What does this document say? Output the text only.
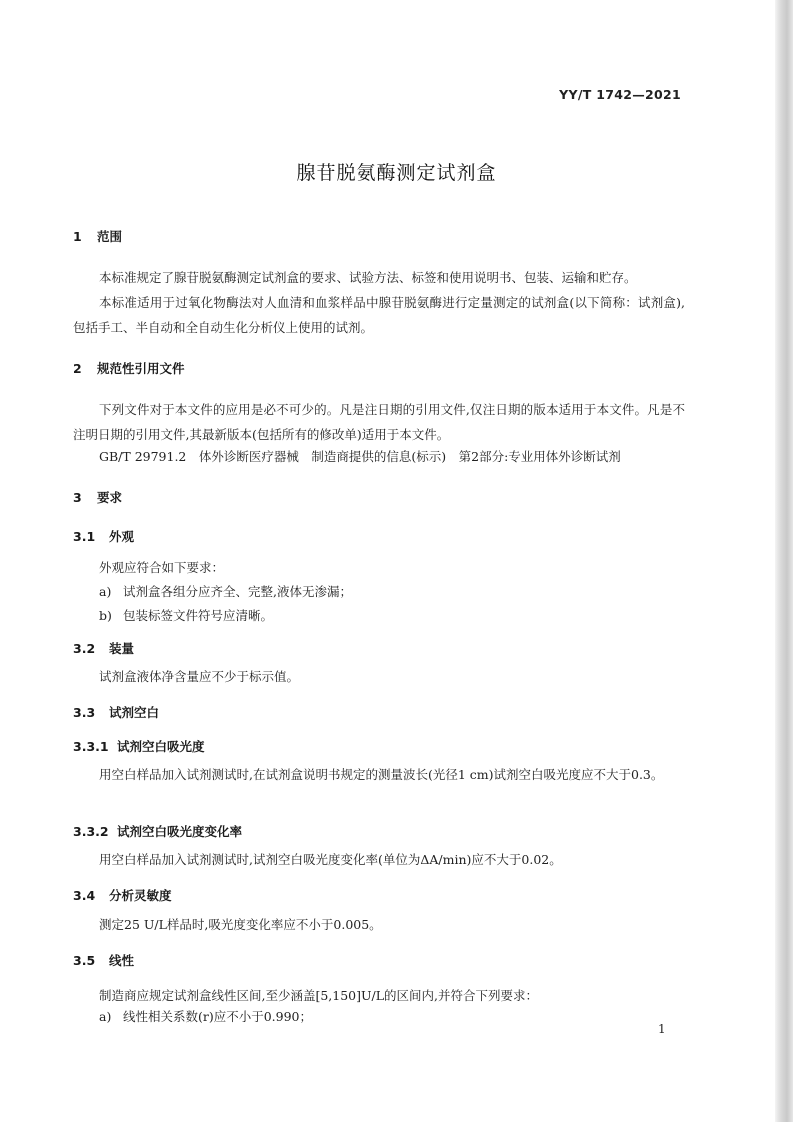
YY/T 1742—2021
腺苷脱氨酶测定试剂盒
1 范围
本标准规定了腺苷脱氨酶测定试剂盒的要求、试验方法、标签和使用说明书、包装、运输和贮存。
本标准适用于过氧化物酶法对人血清和血浆样品中腺苷脱氨酶进行定量测定的试剂盒(以下简称：试剂盒),包括手工、半自动和全自动生化分析仪上使用的试剂。
2 规范性引用文件
下列文件对于本文件的应用是必不可少的。凡是注日期的引用文件,仅注日期的版本适用于本文件。凡是不注明日期的引用文件,其最新版本(包括所有的修改单)适用于本文件。
GB/T 29791.2　体外诊断医疗器械　制造商提供的信息(标示)　第2部分:专业用体外诊断试剂
3 要求
3.1 外观
外观应符合如下要求：
a) 试剂盒各组分应齐全、完整,液体无渗漏；
b) 包装标签文件符号应清晰。
3.2 装量
试剂盒液体净含量应不少于标示值。
3.3 试剂空白
3.3.1 试剂空白吸光度
用空白样品加入试剂测试时,在试剂盒说明书规定的测量波长(光径1 cm)试剂空白吸光度应不大于0.3。
3.3.2 试剂空白吸光度变化率
用空白样品加入试剂测试时,试剂空白吸光度变化率(单位为ΔA/min)应不大于0.02。
3.4 分析灵敏度
测定25 U/L样品时,吸光度变化率应不小于0.005。
3.5 线性
制造商应规定试剂盒线性区间,至少涵盖[5,150]U/L的区间内,并符合下列要求：
a) 线性相关系数(r)应不小于0.990；
1
